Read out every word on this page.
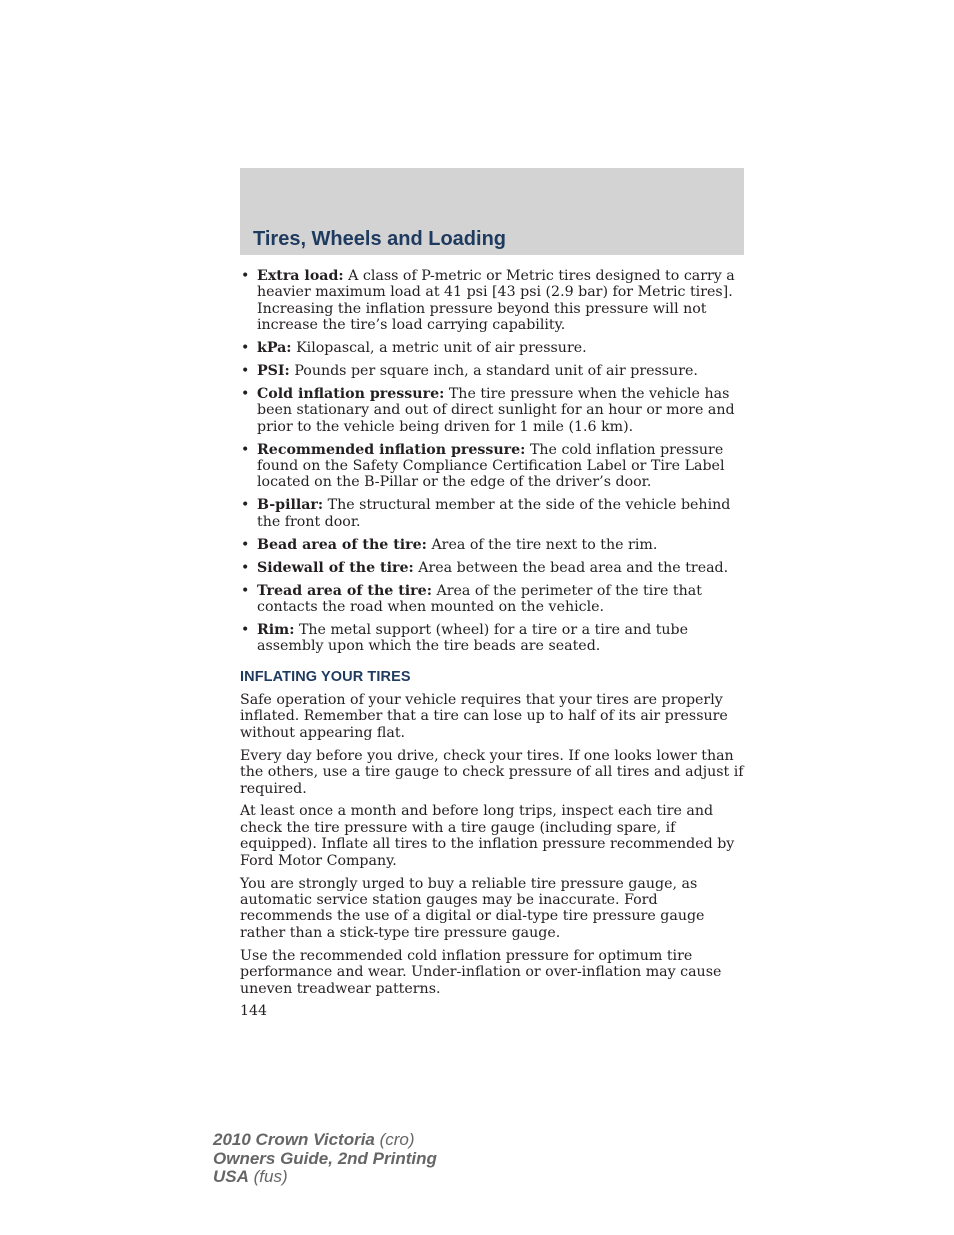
Tires, Wheels and Loading
• Extra load: A class of P-metric or Metric tires designed to carry a heavier maximum load at 41 psi [43 psi (2.9 bar) for Metric tires]. Increasing the inflation pressure beyond this pressure will not increase the tire’s load carrying capability.
• kPa: Kilopascal, a metric unit of air pressure.
• PSI: Pounds per square inch, a standard unit of air pressure.
• Cold inflation pressure: The tire pressure when the vehicle has been stationary and out of direct sunlight for an hour or more and prior to the vehicle being driven for 1 mile (1.6 km).
• Recommended inflation pressure: The cold inflation pressure found on the Safety Compliance Certification Label or Tire Label located on the B-Pillar or the edge of the driver’s door.
• B-pillar: The structural member at the side of the vehicle behind the front door.
• Bead area of the tire: Area of the tire next to the rim.
• Sidewall of the tire: Area between the bead area and the tread.
• Tread area of the tire: Area of the perimeter of the tire that contacts the road when mounted on the vehicle.
• Rim: The metal support (wheel) for a tire or a tire and tube assembly upon which the tire beads are seated.
INFLATING YOUR TIRES

Safe operation of your vehicle requires that your tires are properly inflated. Remember that a tire can lose up to half of its air pressure without appearing flat.

Every day before you drive, check your tires. If one looks lower than the others, use a tire gauge to check pressure of all tires and adjust if required.

At least once a month and before long trips, inspect each tire and check the tire pressure with a tire gauge (including spare, if equipped). Inflate all tires to the inflation pressure recommended by Ford Motor Company.

You are strongly urged to buy a reliable tire pressure gauge, as automatic service station gauges may be inaccurate. Ford recommends the use of a digital or dial-type tire pressure gauge rather than a stick-type tire pressure gauge.

Use the recommended cold inflation pressure for optimum tire performance and wear. Under-inflation or over-inflation may cause uneven treadwear patterns.

144
2010 Crown Victoria (cro)
Owners Guide, 2nd Printing
USA (fus)
